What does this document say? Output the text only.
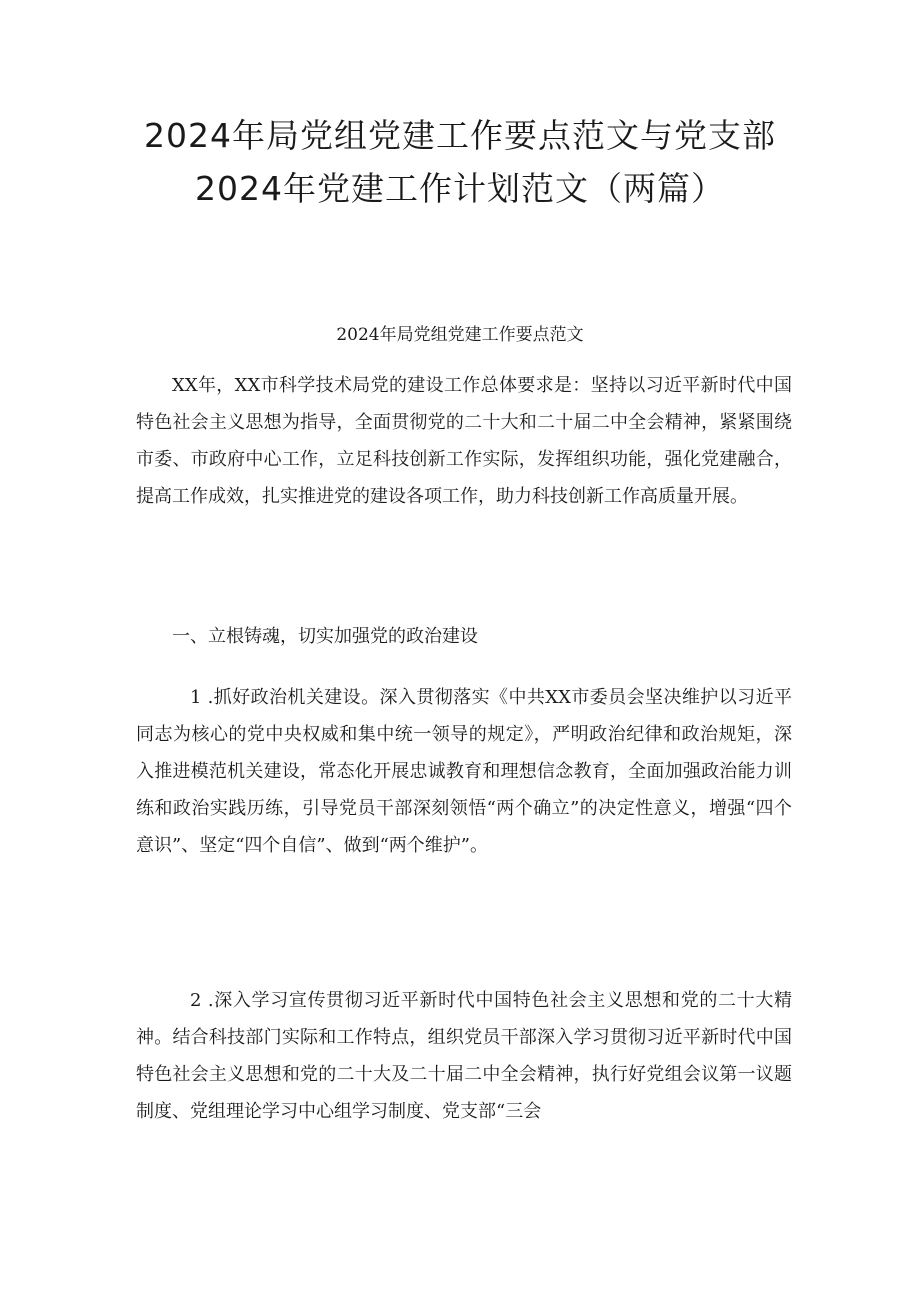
2024年局党组党建工作要点范文与党支部
2024年党建工作计划范文（两篇）
2024年局党组党建工作要点范文

XX年，XX市科学技术局党的建设工作总体要求是：坚持以习近平新时代中国特色社会主义思想为指导，全面贯彻党的二十大和二十届二中全会精神，紧紧围绕市委、市政府中心工作，立足科技创新工作实际，发挥组织功能，强化党建融合，提高工作成效，扎实推进党的建设各项工作，助力科技创新工作高质量开展。

一、立根铸魂，切实加强党的政治建设

1 .抓好政治机关建设。深入贯彻落实《中共XX市委员会坚决维护以习近平同志为核心的党中央权威和集中统一领导的规定》，严明政治纪律和政治规矩，深入推进模范机关建设，常态化开展忠诚教育和理想信念教育，全面加强政治能力训练和政治实践历练，引导党员干部深刻领悟“两个确立”的决定性意义，增强“四个意识”、坚定“四个自信”、做到“两个维护”。

2 .深入学习宣传贯彻习近平新时代中国特色社会主义思想和党的二十大精神。结合科技部门实际和工作特点，组织党员干部深入学习贯彻习近平新时代中国特色社会主义思想和党的二十大及二十届二中全会精神，执行好党组会议第一议题制度、党组理论学习中心组学习制度、党支部“三会
